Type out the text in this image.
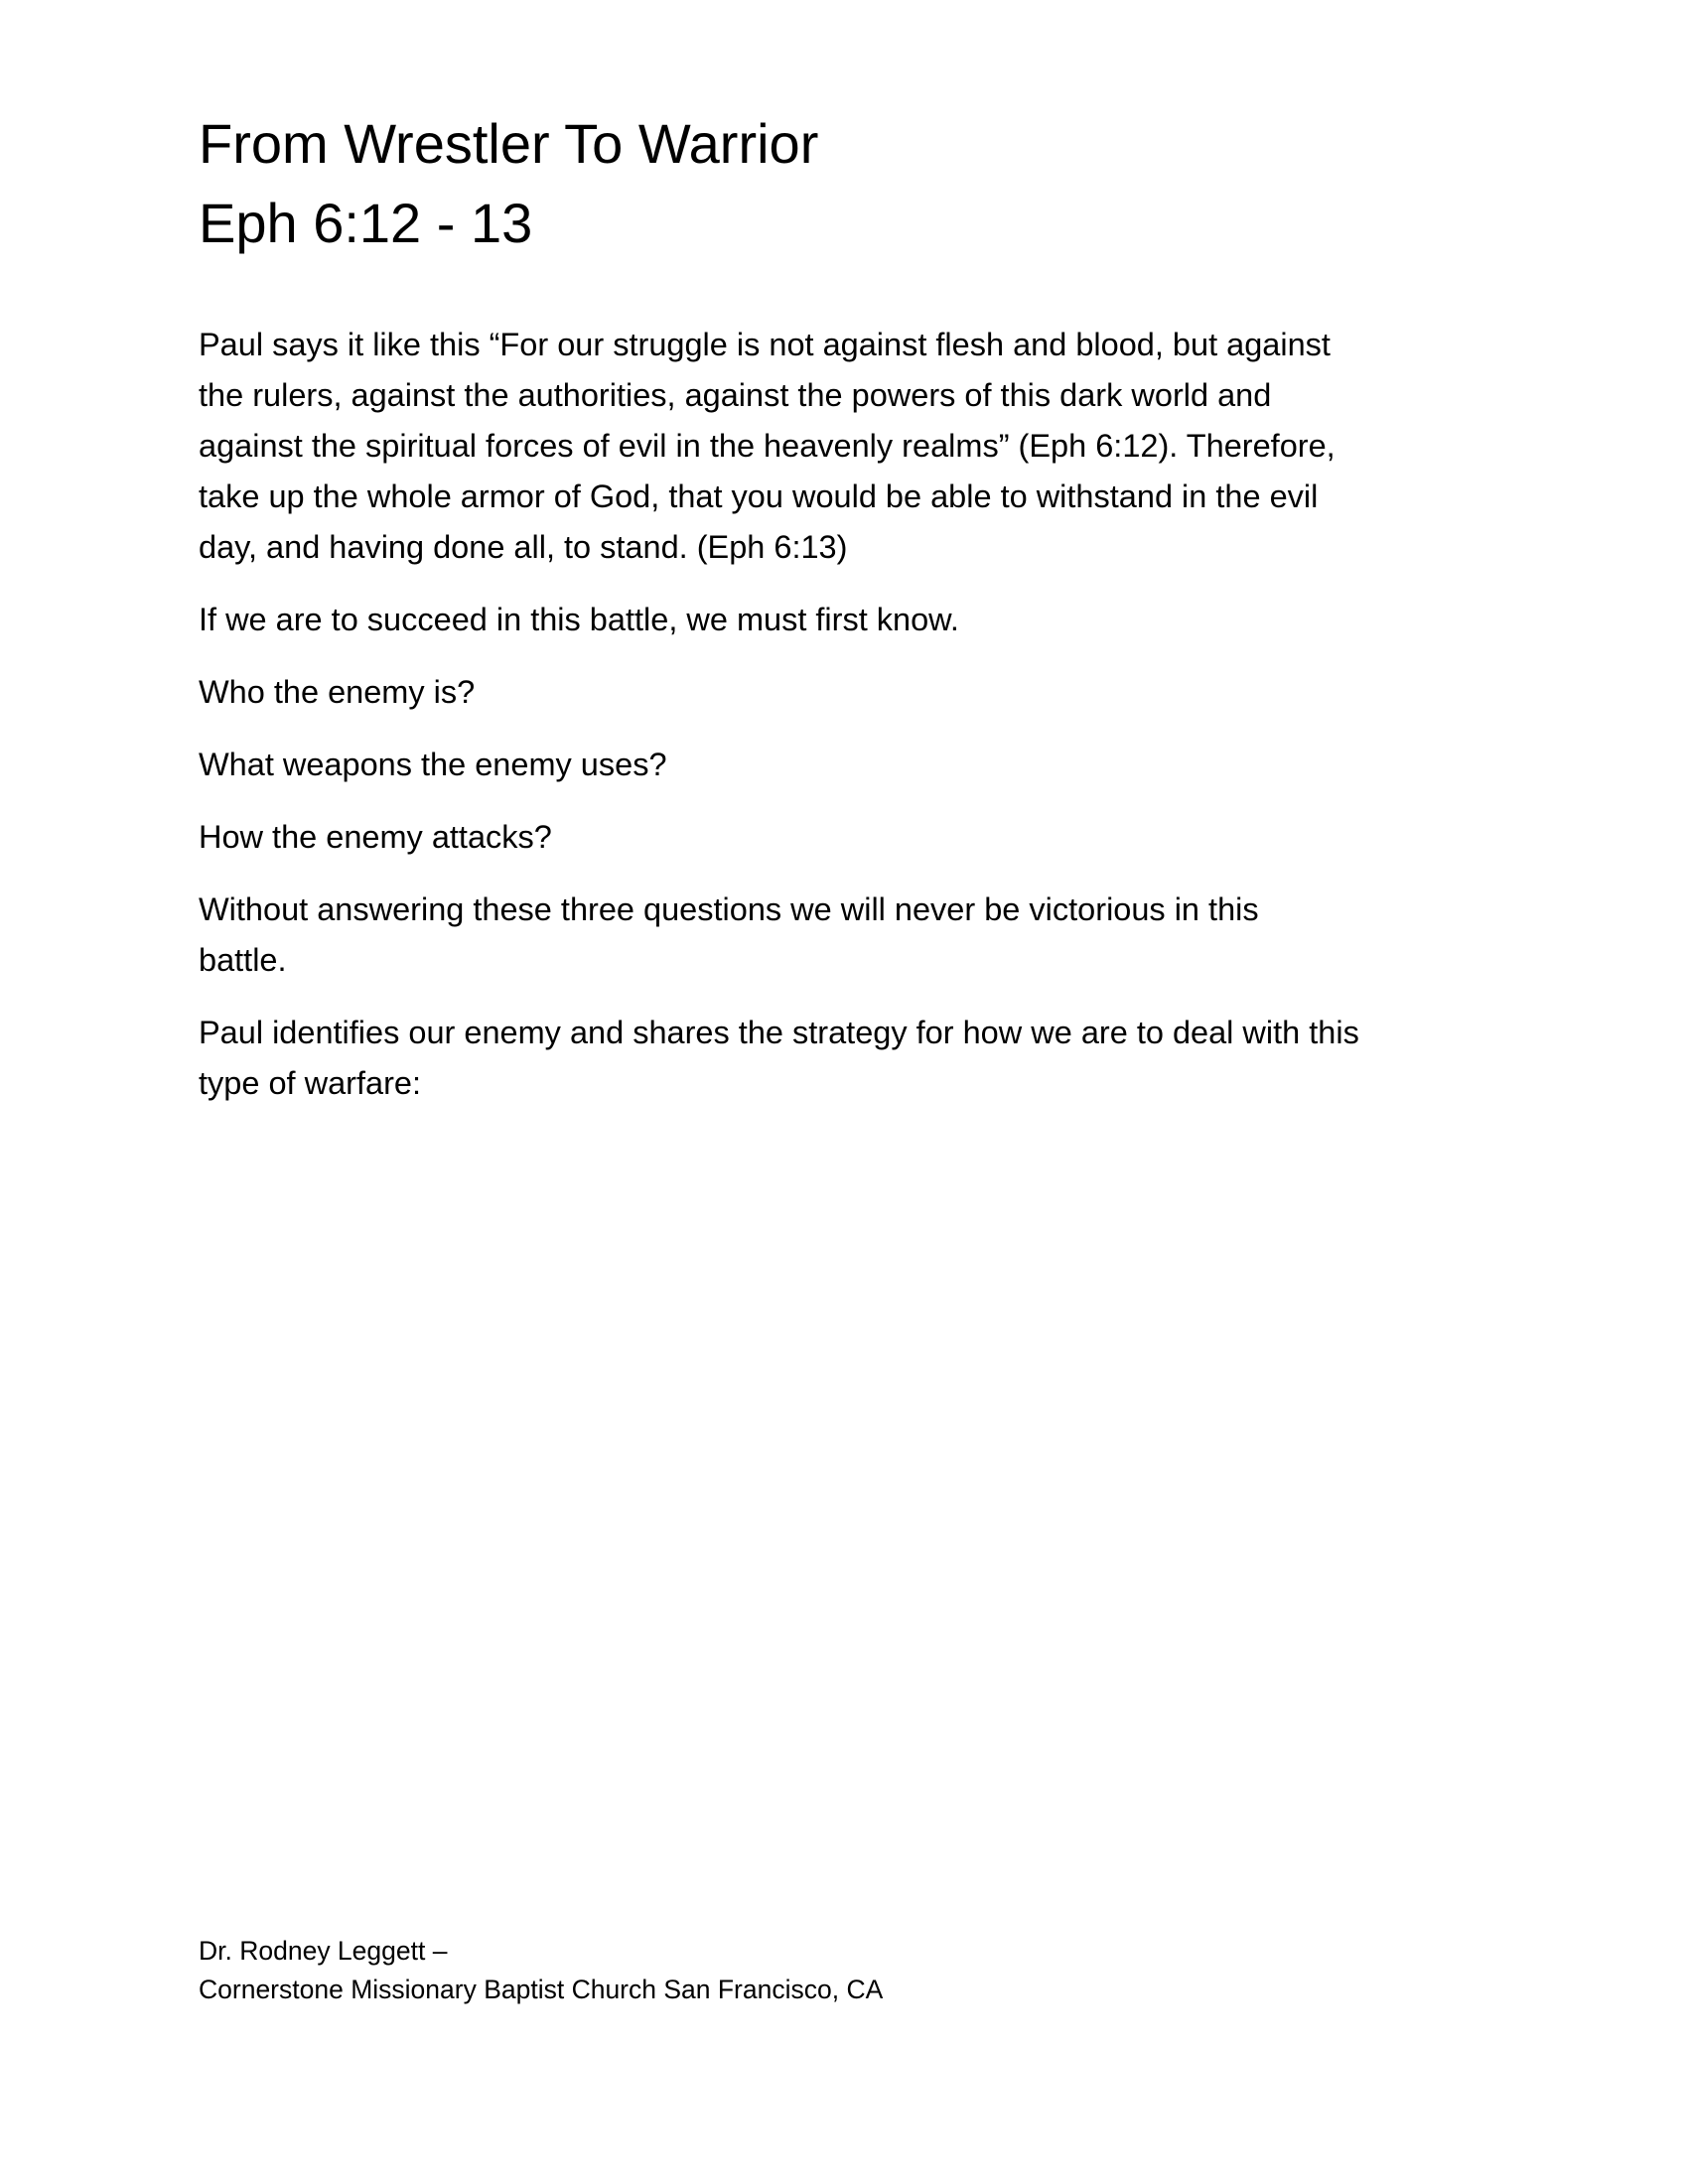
From Wrestler To Warrior
Eph 6:12 - 13

Paul says it like this “For our struggle is not against flesh and blood, but against
the rulers, against the authorities, against the powers of this dark world and
against the spiritual forces of evil in the heavenly realms” (Eph 6:12). Therefore,
take up the whole armor of God, that you would be able to withstand in the evil
day, and having done all, to stand. (Eph 6:13)

If we are to succeed in this battle, we must first know.

Who the enemy is?

What weapons the enemy uses?

How the enemy attacks?

Without answering these three questions we will never be victorious in this
battle.

Paul identifies our enemy and shares the strategy for how we are to deal with this
type of warfare:

Dr. Rodney Leggett –
Cornerstone Missionary Baptist Church San Francisco, CA
